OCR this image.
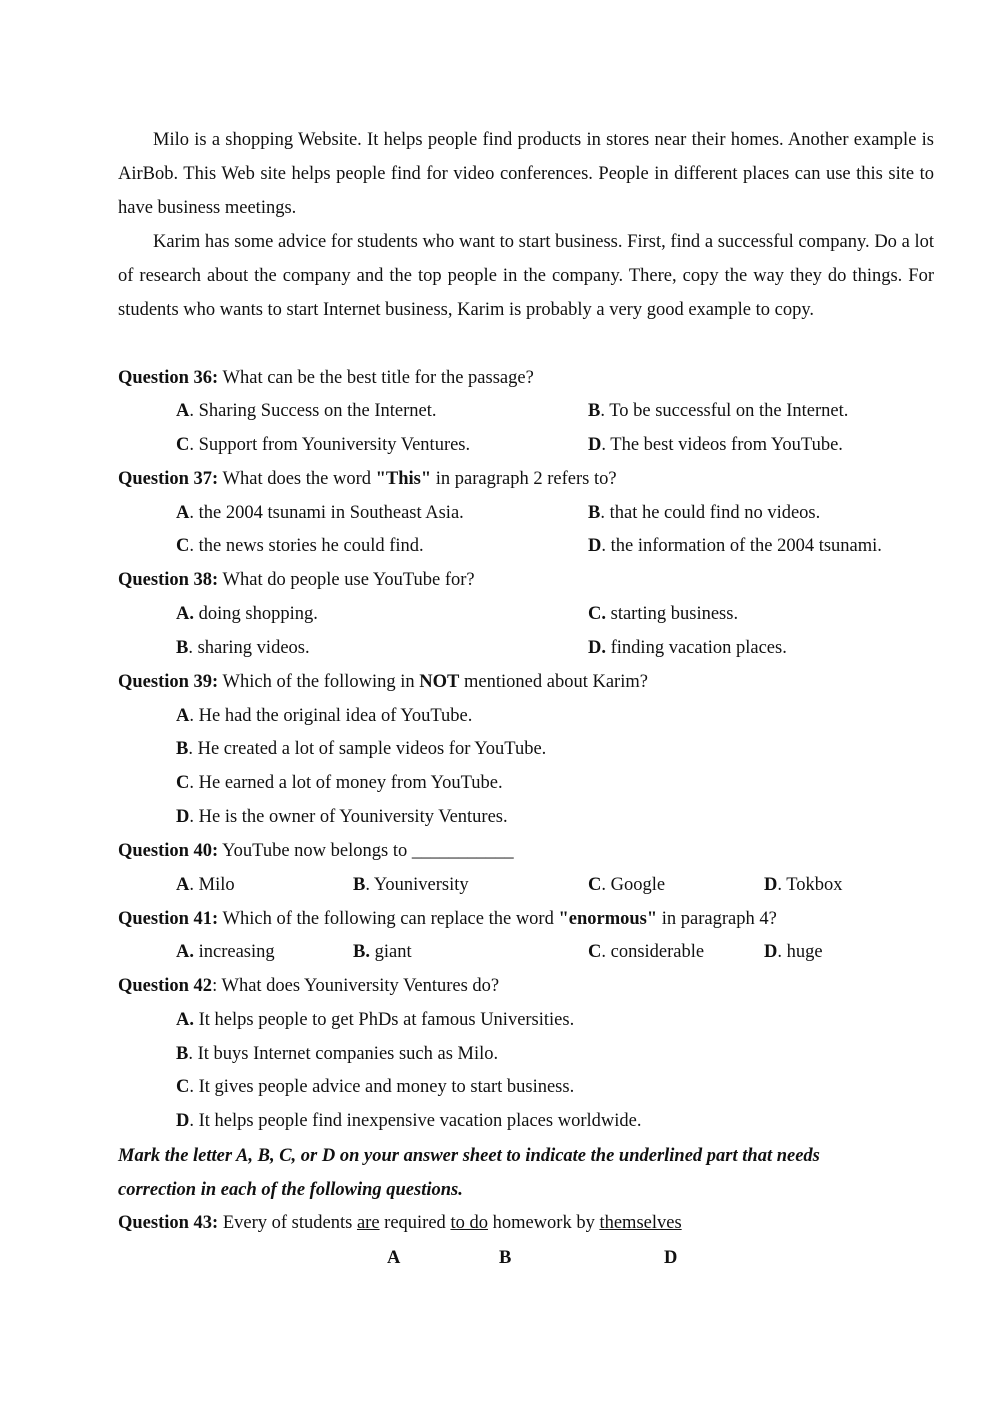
Milo is a shopping Website. It helps people find products in stores near their homes. Another example is AirBob. This Web site helps people find for video conferences. People in different places can use this site to have business meetings.

Karim has some advice for students who want to start business. First, find a successful company. Do a lot of research about the company and the top people in the company. There, copy the way they do things. For students who wants to start Internet business, Karim is probably a very good example to copy.

Question 36: What can be the best title for the passage?
A. Sharing Success on the Internet.	B. To be successful on the Internet.
C. Support from Youniversity Ventures.	D. The best videos from YouTube.
Question 37: What does the word "This" in paragraph 2 refers to?
A. the 2004 tsunami in Southeast Asia.	B. that he could find no videos.
C. the news stories he could find.	D. the information of the 2004 tsunami.
Question 38: What do people use YouTube for?
A. doing shopping.	C. starting business.
B. sharing videos.	D. finding vacation places.
Question 39: Which of the following in NOT mentioned about Karim?
A. He had the original idea of YouTube.
B. He created a lot of sample videos for YouTube.
C. He earned a lot of money from YouTube.
D. He is the owner of Youniversity Ventures.
Question 40: YouTube now belongs to ___________
A. Milo	B. Youniversity	C. Google	D. Tokbox
Question 41: Which of the following can replace the word "enormous" in paragraph 4?
A. increasing	B. giant	C. considerable	D. huge
Question 42: What does Youniversity Ventures do?
A. It helps people to get PhDs at famous Universities.
B. It buys Internet companies such as Milo.
C. It gives people advice and money to start business.
D. It helps people find inexpensive vacation places worldwide.
Mark the letter A, B, C, or D on your answer sheet to indicate the underlined part that needs
correction in each of the following questions.
Question 43: Every of students are required to do homework by themselves
A	B	D
